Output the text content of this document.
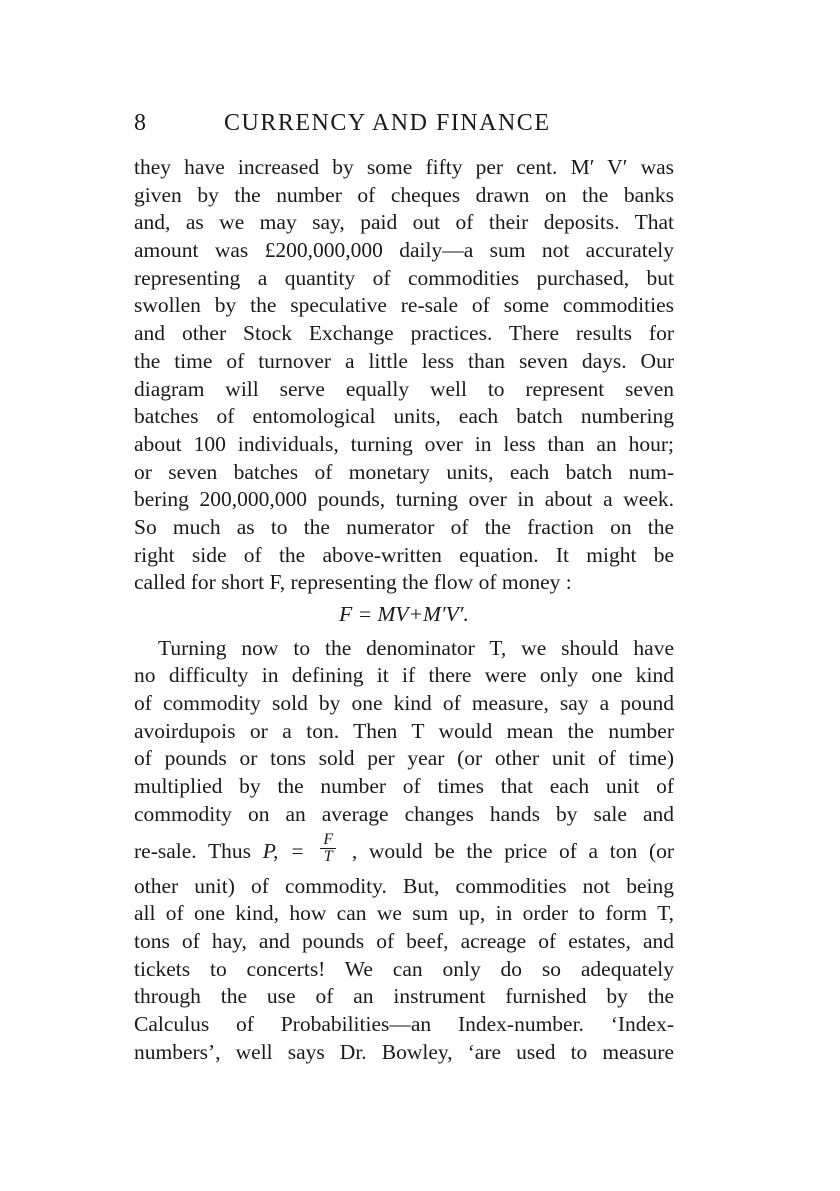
8	CURRENCY AND FINANCE
they have increased by some fifty per cent. M′ V′ was
given by the number of cheques drawn on the banks
and, as we may say, paid out of their deposits. That
amount was £200,000,000 daily—a sum not accurately
representing a quantity of commodities purchased, but
swollen by the speculative re-sale of some commodities
and other Stock Exchange practices. There results for
the time of turnover a little less than seven days. Our
diagram will serve equally well to represent seven
batches of entomological units, each batch numbering
about 100 individuals, turning over in less than an hour;
or seven batches of monetary units, each batch num-
bering 200,000,000 pounds, turning over in about a week.
So much as to the numerator of the fraction on the
right side of the above-written equation. It might be
called for short F, representing the flow of money :
F = MV+M′V′.
Turning now to the denominator T, we should have
no difficulty in defining it if there were only one kind
of commodity sold by one kind of measure, say a pound
avoirdupois or a ton. Then T would mean the number
of pounds or tons sold per year (or other unit of time)
multiplied by the number of times that each unit of
commodity on an average changes hands by sale and
re-sale. Thus P, = $\frac{F}{T}$ , would be the price of a ton (or
other unit) of commodity. But, commodities not being
all of one kind, how can we sum up, in order to form T,
tons of hay, and pounds of beef, acreage of estates, and
tickets to concerts! We can only do so adequately
through the use of an instrument furnished by the
Calculus of Probabilities—an Index-number. ‘Index-
numbers’, well says Dr. Bowley, ‘are used to measure
